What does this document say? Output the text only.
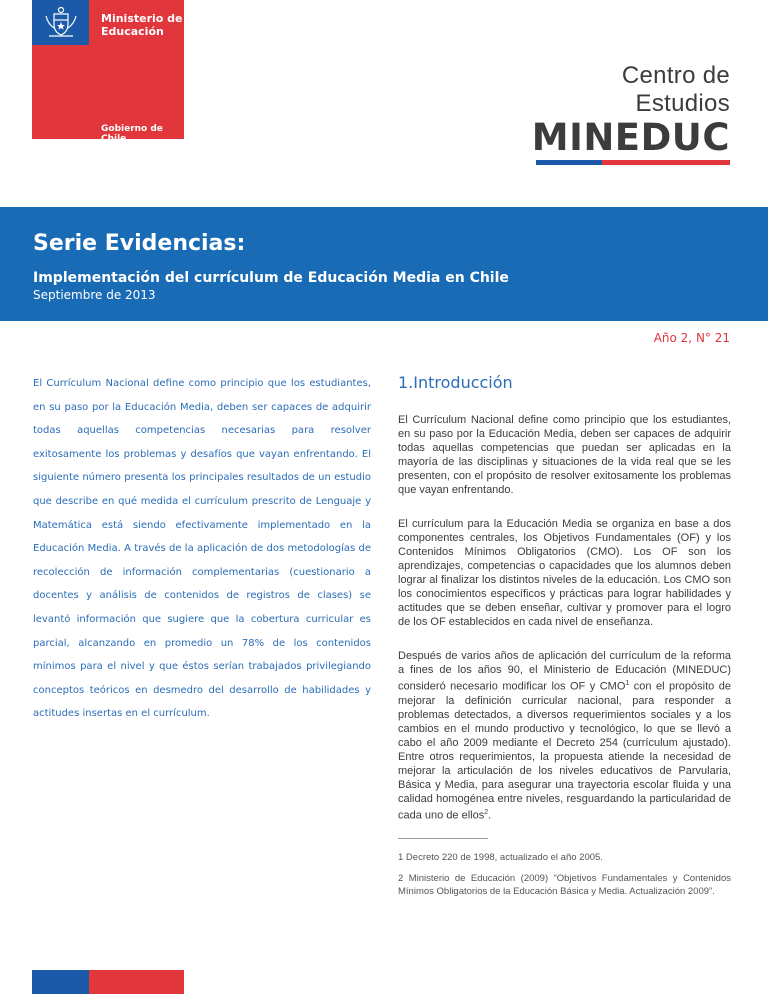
Ministerio de
Educación

Gobierno de Chile

Centro de Estudios

MINEDUC

Serie Evidencias:
Implementación del currículum de Educación Media en Chile

Septiembre de 2013

Año 2, N° 21

El Currículum Nacional define como principio que los estudiantes, en su paso por la Educación Media, deben ser capaces de adquirir todas aquellas competencias necesarias para resolver exitosamente los problemas y desafíos que vayan enfrentando. El siguiente número presenta los principales resultados de un estudio que describe en qué medida el currículum prescrito de Lenguaje y Matemática está siendo efectivamente implementado en la Educación Media. A través de la aplicación de dos metodologías de recolección de información complementarias (cuestionario a docentes y análisis de contenidos de registros de clases) se levantó información que sugiere que la cobertura curricular es parcial, alcanzando en promedio un 78% de los contenidos mínimos para el nivel y que éstos serían trabajados privilegiando conceptos teóricos en desmedro del desarrollo de habilidades y actitudes insertas en el currículum.

1.Introducción

El Currículum Nacional define como principio que los estudiantes, en su paso por la Educación Media, deben ser capaces de adquirir todas aquellas competencias que puedan ser aplicadas en la mayoría de las disciplinas y situaciones de la vida real que se les presenten, con el propósito de resolver exitosamente los problemas que vayan enfrentando.

El currículum para la Educación Media se organiza en base a dos componentes centrales, los Objetivos Fundamentales (OF) y los Contenidos Mínimos Obligatorios (CMO). Los OF son los aprendizajes, competencias o capacidades que los alumnos deben lograr al finalizar los distintos niveles de la educación. Los CMO son los conocimientos específicos y prácticas para lograr habilidades y actitudes que se deben enseñar, cultivar y promover para el logro de los OF establecidos en cada nivel de enseñanza.

Después de varios años de aplicación del currículum de la reforma a fines de los años 90, el Ministerio de Educación (MINEDUC) consideró necesario modificar los OF y CMO$^1$ con el propósito de mejorar la definición curricular nacional, para responder a problemas detectados, a diversos requerimientos sociales y a los cambios en el mundo productivo y tecnológico, lo que se llevó a cabo el año 2009 mediante el Decreto 254 (currículum ajustado). Entre otros requerimientos, la propuesta atiende la necesidad de mejorar la articulación de los niveles educativos de Parvularia, Básica y Media, para asegurar una trayectoria escolar fluida y una calidad homogénea entre niveles, resguardando la particularidad de cada uno de ellos$^2$.

1 Decreto 220 de 1998, actualizado el año 2005.

2 Ministerio de Educación (2009) “Objetivos Fundamentales y Contenidos Mínimos Obligatorios de la Educación Básica y Media. Actualización 2009”.
